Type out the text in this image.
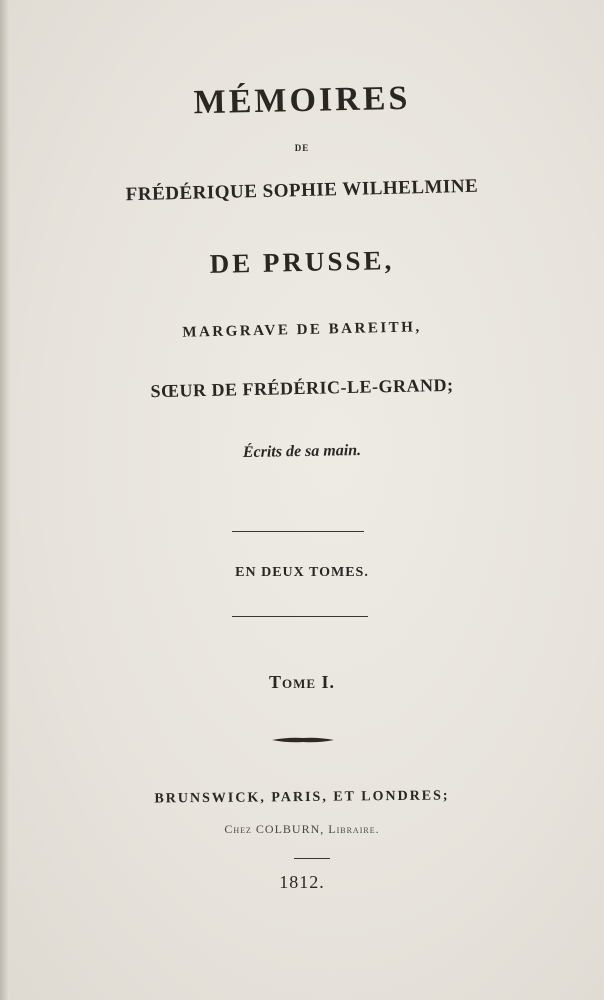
MÉMOIRES
DE
FRÉDÉRIQUE SOPHIE WILHELMINE
DE PRUSSE,
MARGRAVE DE BAREITH,
SŒUR DE FRÉDÉRIC-LE-GRAND;
Écrits de sa main.
EN DEUX TOMES.
Tome I.
BRUNSWICK, PARIS, ET LONDRES;
Chez COLBURN, Libraire.
1812.
